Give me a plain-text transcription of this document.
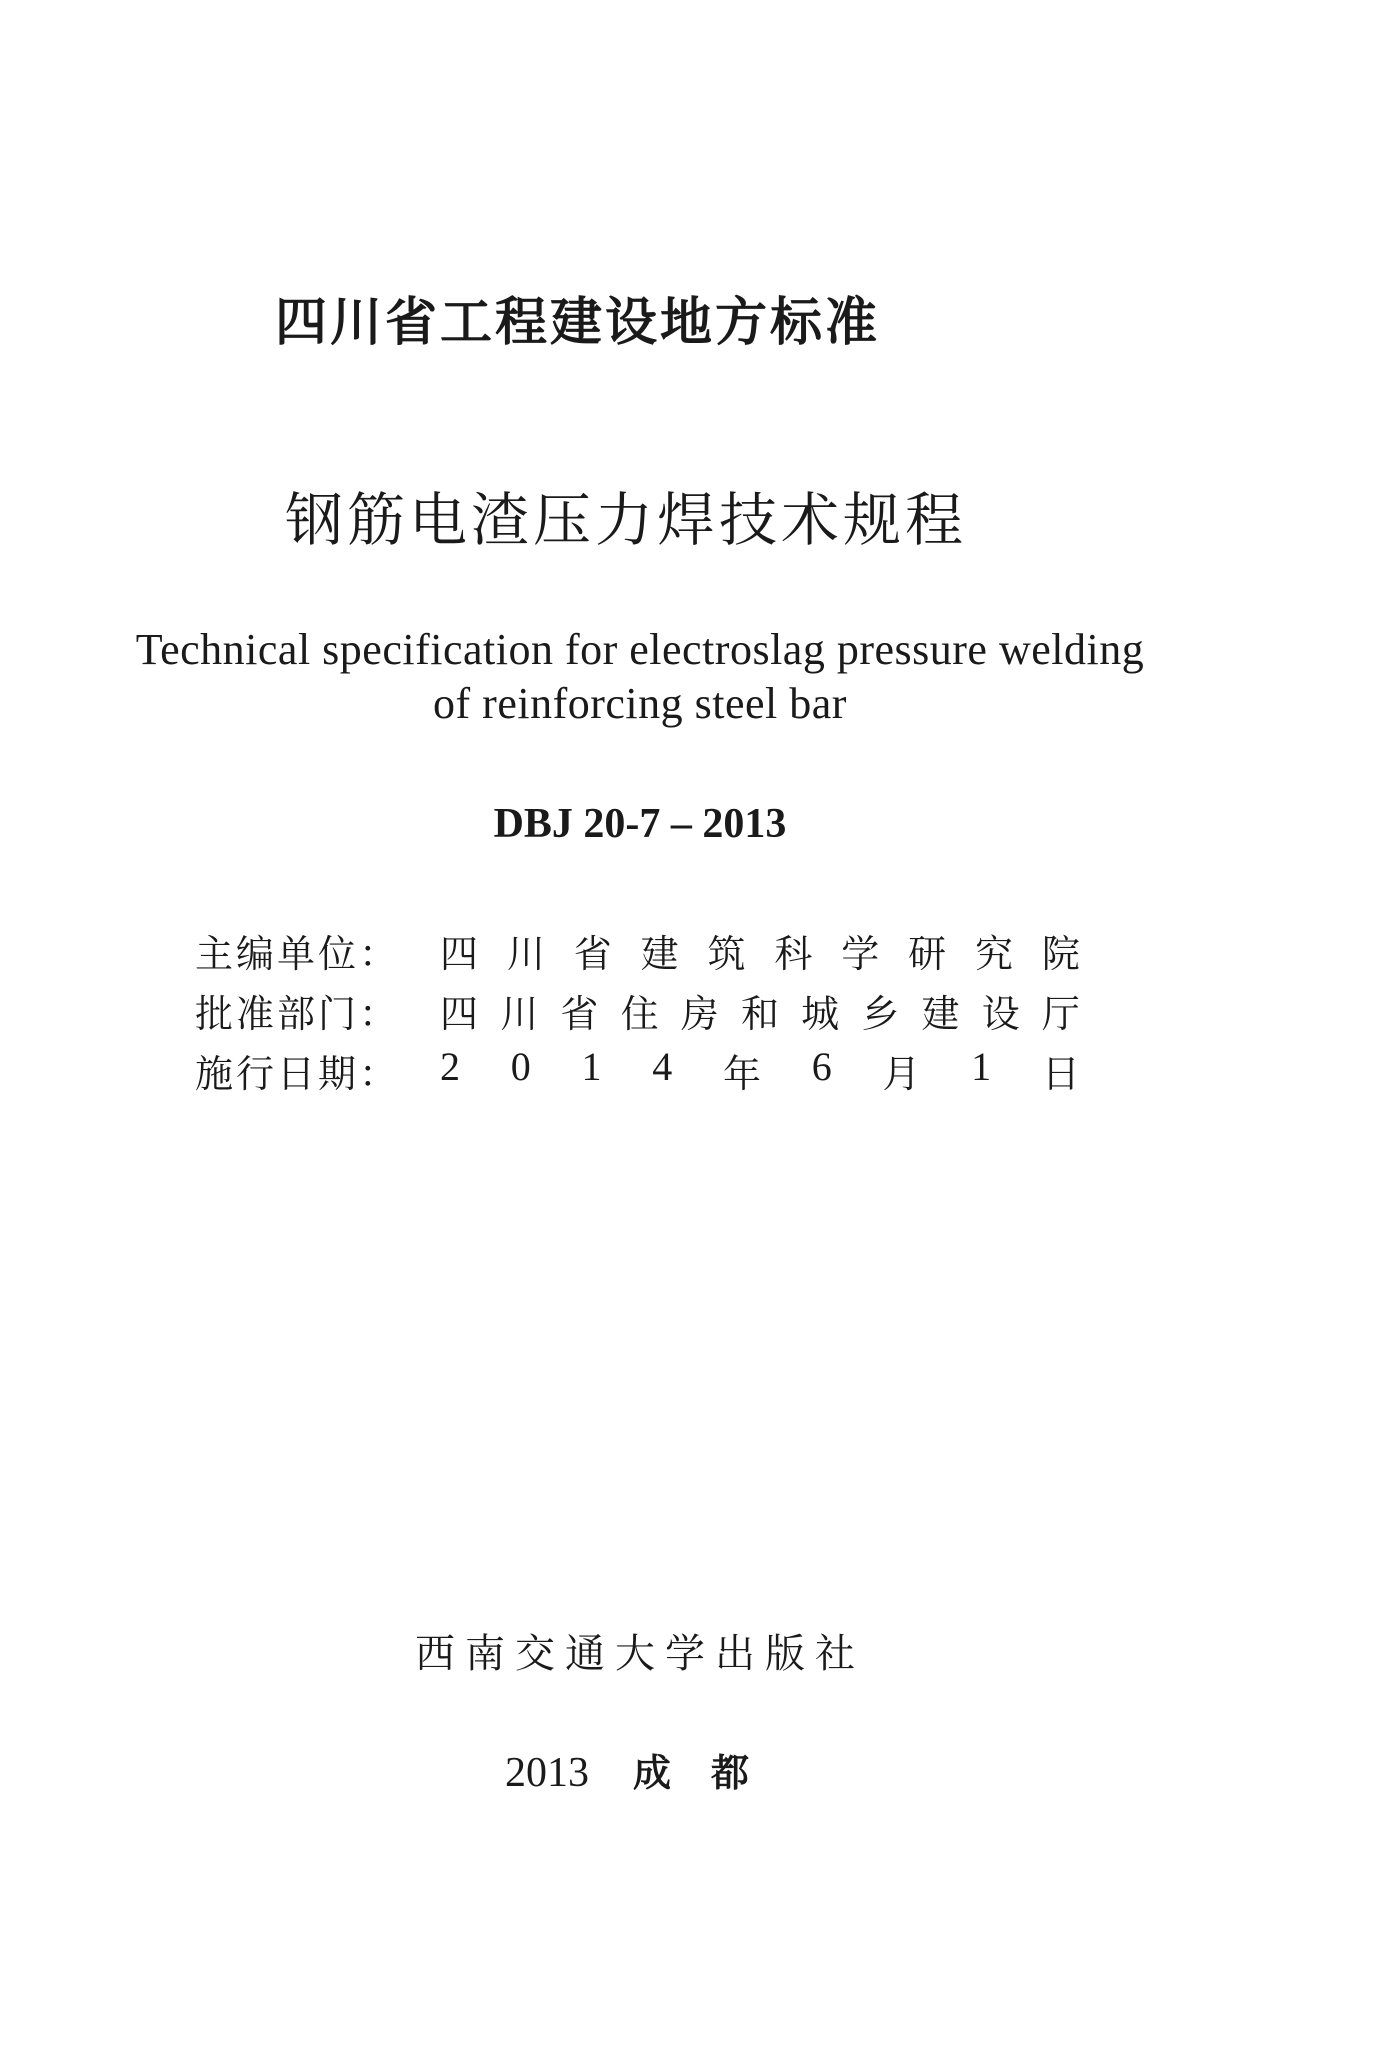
四川省工程建设地方标准
钢筋电渣压力焊技术规程
Technical specification for electroslag pressure welding
of reinforcing steel bar
DBJ 20-7 – 2013
主编单位：	四 川 省 建 筑 科 学 研 究 院
批准部门：	四 川 省 住 房 和 城 乡 建 设 厅
施行日期： 2 0 1 4 年 6 月 1 日
西南交通大学出版社
2013 成都
